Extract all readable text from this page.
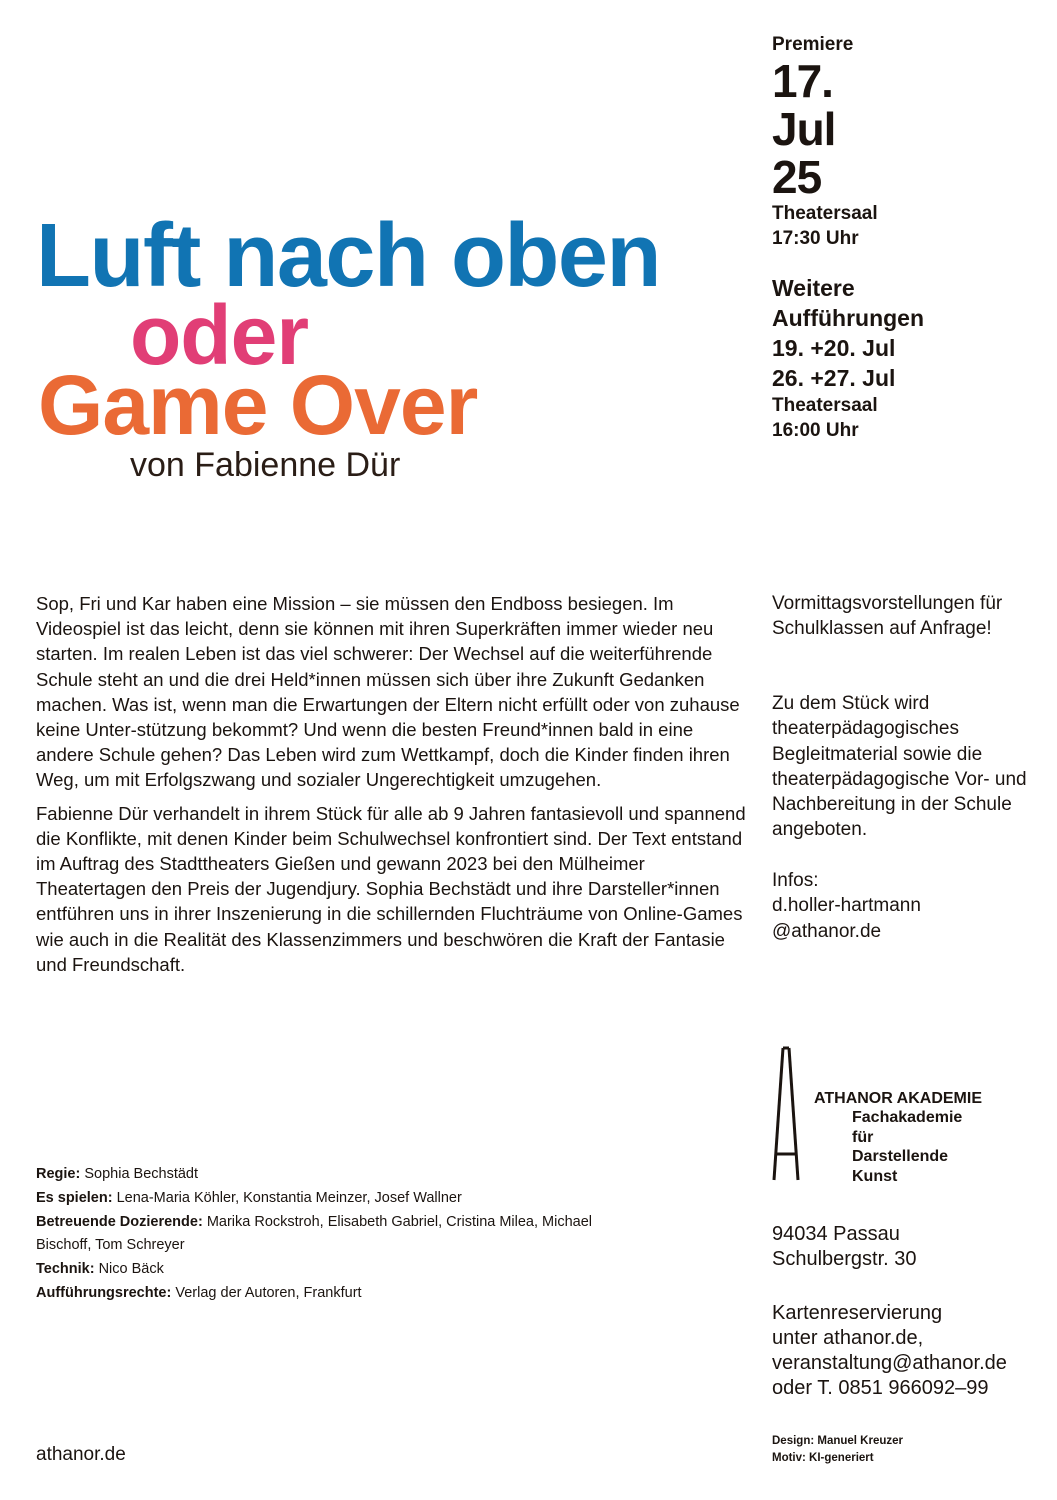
Luft nach oben
oder
Game Over
von Fabienne Dür
Premiere
17.
Jul
25
Theatersaal
17:30 Uhr
Weitere
Aufführungen
19. +20. Jul
26. +27. Jul
Theatersaal
16:00 Uhr

Sop, Fri und Kar haben eine Mission – sie müssen den Endboss besiegen. Im Videospiel ist das leicht, denn sie können mit ihren Superkräften immer wieder neu starten. Im realen Leben ist das viel schwerer: Der Wechsel auf die weiterführende Schule steht an und die drei Held*innen müssen sich über ihre Zukunft Gedanken machen. Was ist, wenn man die Erwartungen der Eltern nicht erfüllt oder von zuhause keine Unter-stützung bekommt? Und wenn die besten Freund*innen bald in eine andere Schule gehen? Das Leben wird zum Wettkampf, doch die Kinder finden ihren Weg, um mit Erfolgszwang und sozialer Ungerechtigkeit umzugehen.

Fabienne Dür verhandelt in ihrem Stück für alle ab 9 Jahren fantasievoll und spannend die Konflikte, mit denen Kinder beim Schulwechsel konfrontiert sind. Der Text entstand im Auftrag des Stadttheaters Gießen und gewann 2023 bei den Mülheimer Theatertagen den Preis der Jugendjury. Sophia Bechstädt und ihre Darsteller*innen entführen uns in ihrer Inszenierung in die schillernden Fluchträume von Online-Games wie auch in die Realität des Klassenzimmers und beschwören die Kraft der Fantasie und Freundschaft.

Vormittagsvorstellungen für Schulklassen auf Anfrage!
Zu dem Stück wird theaterpädagogisches Begleitmaterial sowie die theaterpädagogische Vor- und Nachbereitung in der Schule angeboten.
Infos:
d.holler-hartmann
@athanor.de
Regie: Sophia Bechstädt
Es spielen: Lena-Maria Köhler, Konstantia Meinzer, Josef Wallner
Betreuende Dozierende: Marika Rockstroh, Elisabeth Gabriel, Cristina Milea, Michael Bischoff, Tom Schreyer
Technik: Nico Bäck
Aufführungsrechte: Verlag der Autoren, Frankfurt
ATHANOR AKADEMIE
Fachakademie
für
Darstellende
Kunst
94034 Passau
Schulbergstr. 30
Kartenreservierung
unter athanor.de,
veranstaltung@athanor.de
oder T. 0851 966092–99
athanor.de
Design: Manuel Kreuzer
Motiv: KI-generiert
